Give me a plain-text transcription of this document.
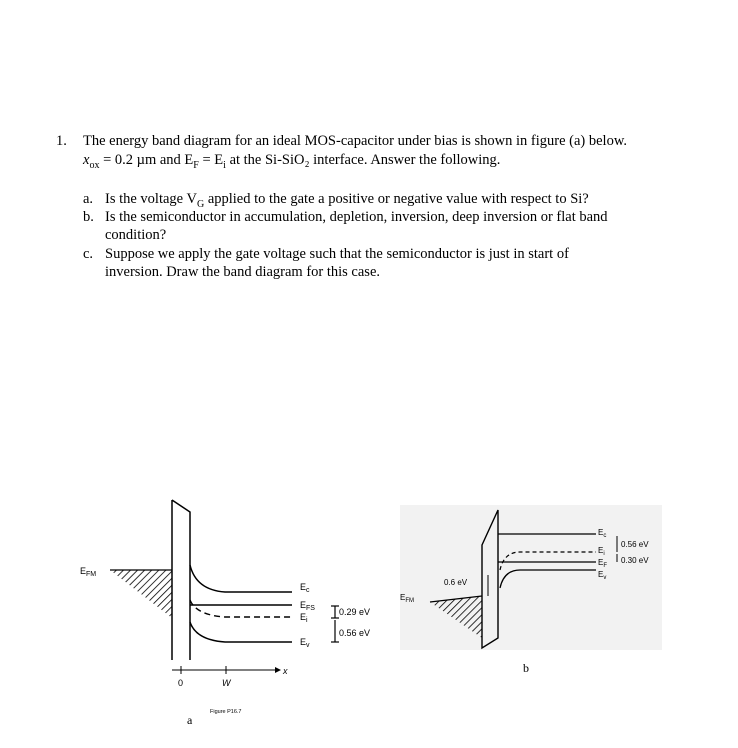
1. The energy band diagram for an ideal MOS-capacitor under bias is shown in figure (a) below.
$x_{ox} = 0.2$ µm and $E_F = E_i$ at the Si-SiO₂ interface. Answer the following.
a. Is the voltage $V_G$ applied to the gate a positive or negative value with respect to Si?
b. Is the semiconductor in accumulation, depletion, inversion, deep inversion or flat band
condition?
c. Suppose we apply the gate voltage such that the semiconductor is just in start of
inversion. Draw the band diagram for this case.
$E_{FM}$
$E_c$
$E_{FS}$
$E_i$
$E_v$
0.29 eV
0.56 eV
0	W
x
Figure P16.7
a
$E_{FM}$
0.6 eV
$E_c$
$E_i$
$E_F$
$E_v$
0.56 eV
0.30 eV
b
